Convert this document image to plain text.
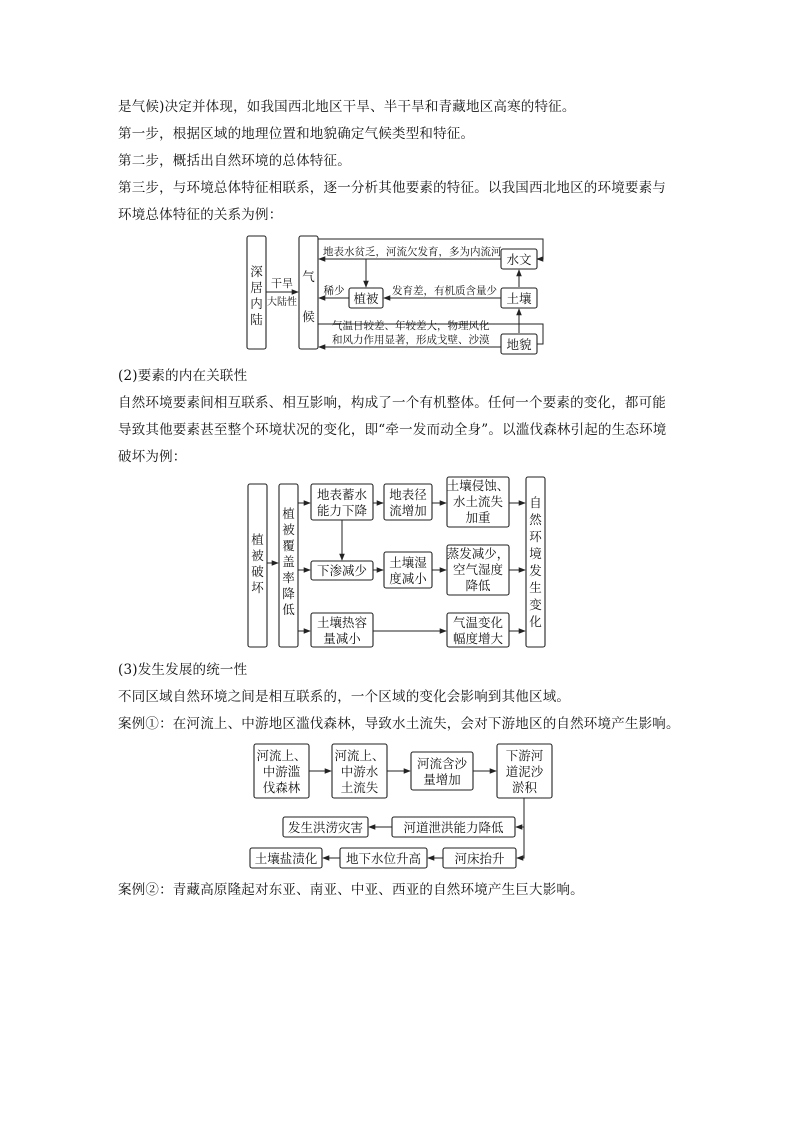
是气候)决定并体现，如我国西北地区干旱、半干旱和青藏地区高寒的特征。
第一步，根据区域的地理位置和地貌确定气候类型和特征。
第二步，概括出自然环境的总体特征。
第三步，与环境总体特征相联系，逐一分析其他要素的特征。以我国西北地区的环境要素与
环境总体特征的关系为例：
(2)要素的内在关联性
自然环境要素间相互联系、相互影响，构成了一个有机整体。任何一个要素的变化，都可能
导致其他要素甚至整个环境状况的变化，即“牵一发而动全身”。以滥伐森林引起的生态环境
破坏为例：
(3)发生发展的统一性
不同区域自然环境之间是相互联系的，一个区域的变化会影响到其他区域。
案例①：在河流上、中游地区滥伐森林，导致水土流失，会对下游地区的自然环境产生影响。
案例②：青藏高原隆起对东亚、南亚、中亚、西亚的自然环境产生巨大影响。
深
居
内
陆
干旱
大陆性
气
候
水文
土壤
地貌
植被
地表水贫乏，河流欠发育，多为内流河
稀少	发育差，有机质含量少
气温日较差、年较差大，物理风化
和风力作用显著，形成戈壁、沙漠
植
被
破
坏
植
被
覆
盖
率
降
低
地表蓄水
能力下降
地表径
流增加
土壤侵蚀、
水土流失
加重
下渗减少
土壤湿
度减小
蒸发减少，
空气湿度
降低
土壤热容
量减小
气温变化
幅度增大
自
然
环
境
发
生
变
化
河流上、
中游滥
伐森林
河流上、
中游水
土流失
河流含沙
量增加
下游河
道泥沙
淤积
河道泄洪能力降低
发生洪涝灾害
河床抬升
地下水位升高
土壤盐渍化
